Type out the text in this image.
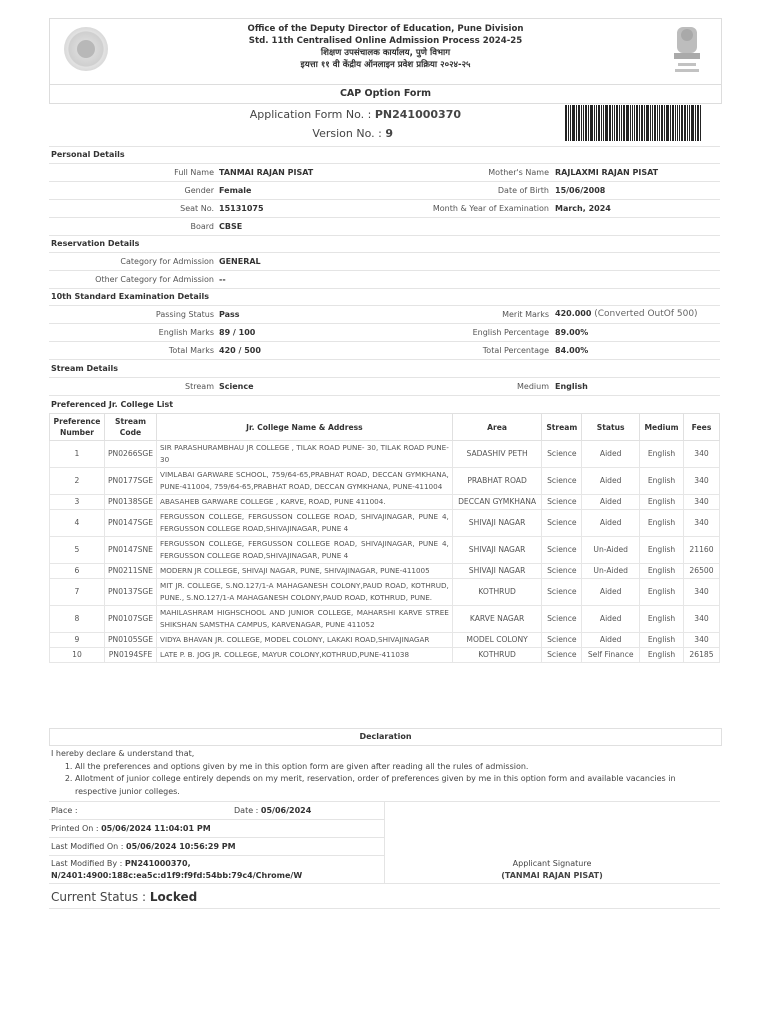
Office of the Deputy Director of Education, Pune Division
Std. 11th Centralised Online Admission Process 2024-25
शिक्षण उपसंचालक कार्यालय, पुणे विभाग
इयत्ता ११ वी केंद्रीय ऑनलाइन प्रवेश प्रक्रिया २०२४-२५
CAP Option Form
Application Form No. : PN241000370
Version No. : 9
Personal Details
Full Name TANMAI RAJAN PISAT	Mother's Name RAJLAXMI RAJAN PISAT
Gender Female	Date of Birth 15/06/2008
Seat No. 15131075	Month & Year of Examination March, 2024
Board CBSE
Reservation Details
Category for Admission GENERAL
Other Category for Admission --
10th Standard Examination Details
Passing Status Pass	Merit Marks 420.000 (Converted OutOf 500)
English Marks 89 / 100	English Percentage 89.00%
Total Marks 420 / 500	Total Percentage 84.00%
Stream Details
Stream Science	Medium English
Preferenced Jr. College List
Preference Number	Stream Code	Jr. College Name & Address	Area	Stream	Status	Medium	Fees
1	PN0266SGE	SIR PARASHURAMBHAU JR COLLEGE , TILAK ROAD PUNE- 30, TILAK ROAD PUNE- 30	SADASHIV PETH	Science	Aided	English	340
2	PN0177SGE	VIMLABAI GARWARE SCHOOL, 759/64-65,PRABHAT ROAD, DECCAN GYMKHANA, PUNE-411004, 759/64-65,PRABHAT ROAD, DECCAN GYMKHANA, PUNE-411004	PRABHAT ROAD	Science	Aided	English	340
3	PN0138SGE	ABASAHEB GARWARE COLLEGE , KARVE, ROAD, PUNE 411004.	DECCAN GYMKHANA	Science	Aided	English	340
4	PN0147SGE	FERGUSSON COLLEGE, FERGUSSON COLLEGE ROAD, SHIVAJINAGAR, PUNE 4, FERGUSSON COLLEGE ROAD,SHIVAJINAGAR, PUNE 4	SHIVAJI NAGAR	Science	Aided	English	340
5	PN0147SNE	FERGUSSON COLLEGE, FERGUSSON COLLEGE ROAD, SHIVAJINAGAR, PUNE 4, FERGUSSON COLLEGE ROAD,SHIVAJINAGAR, PUNE 4	SHIVAJI NAGAR	Science	Un-Aided	English	21160
6	PN0211SNE	MODERN JR COLLEGE, SHIVAJI NAGAR, PUNE, SHIVAJINAGAR, PUNE-411005	SHIVAJI NAGAR	Science	Un-Aided	English	26500
7	PN0137SGE	MIT JR. COLLEGE, S.NO.127/1-A MAHAGANESH COLONY,PAUD ROAD, KOTHRUD, PUNE., S.NO.127/1-A MAHAGANESH COLONY,PAUD ROAD, KOTHRUD, PUNE.	KOTHRUD	Science	Aided	English	340
8	PN0107SGE	MAHILASHRAM HIGHSCHOOL AND JUNIOR COLLEGE, MAHARSHI KARVE STREE SHIKSHAN SAMSTHA CAMPUS, KARVENAGAR, PUNE 411052	KARVE NAGAR	Science	Aided	English	340
9	PN0105SGE	VIDYA BHAVAN JR. COLLEGE, MODEL COLONY, LAKAKI ROAD,SHIVAJINAGAR	MODEL COLONY	Science	Aided	English	340
10	PN0194SFE	LATE P. B. JOG JR. COLLEGE, MAYUR COLONY,KOTHRUD,PUNE-411038	KOTHRUD	Science	Self Finance	English	26185
Declaration
I hereby declare & understand that,
1. All the preferences and options given by me in this option form are given after reading all the rules of admission.
2. Allotment of junior college entirely depends on my merit, reservation, order of preferences given by me in this option form and available vacancies in respective junior colleges.
Place :	Date : 05/06/2024
Printed On : 05/06/2024 11:04:01 PM
Last Modified On : 05/06/2024 10:56:29 PM
Last Modified By : PN241000370,
N/2401:4900:188c:ea5c:d1f9:f9fd:54bb:79c4/Chrome/W
Applicant Signature
(TANMAI RAJAN PISAT)
Current Status : Locked
